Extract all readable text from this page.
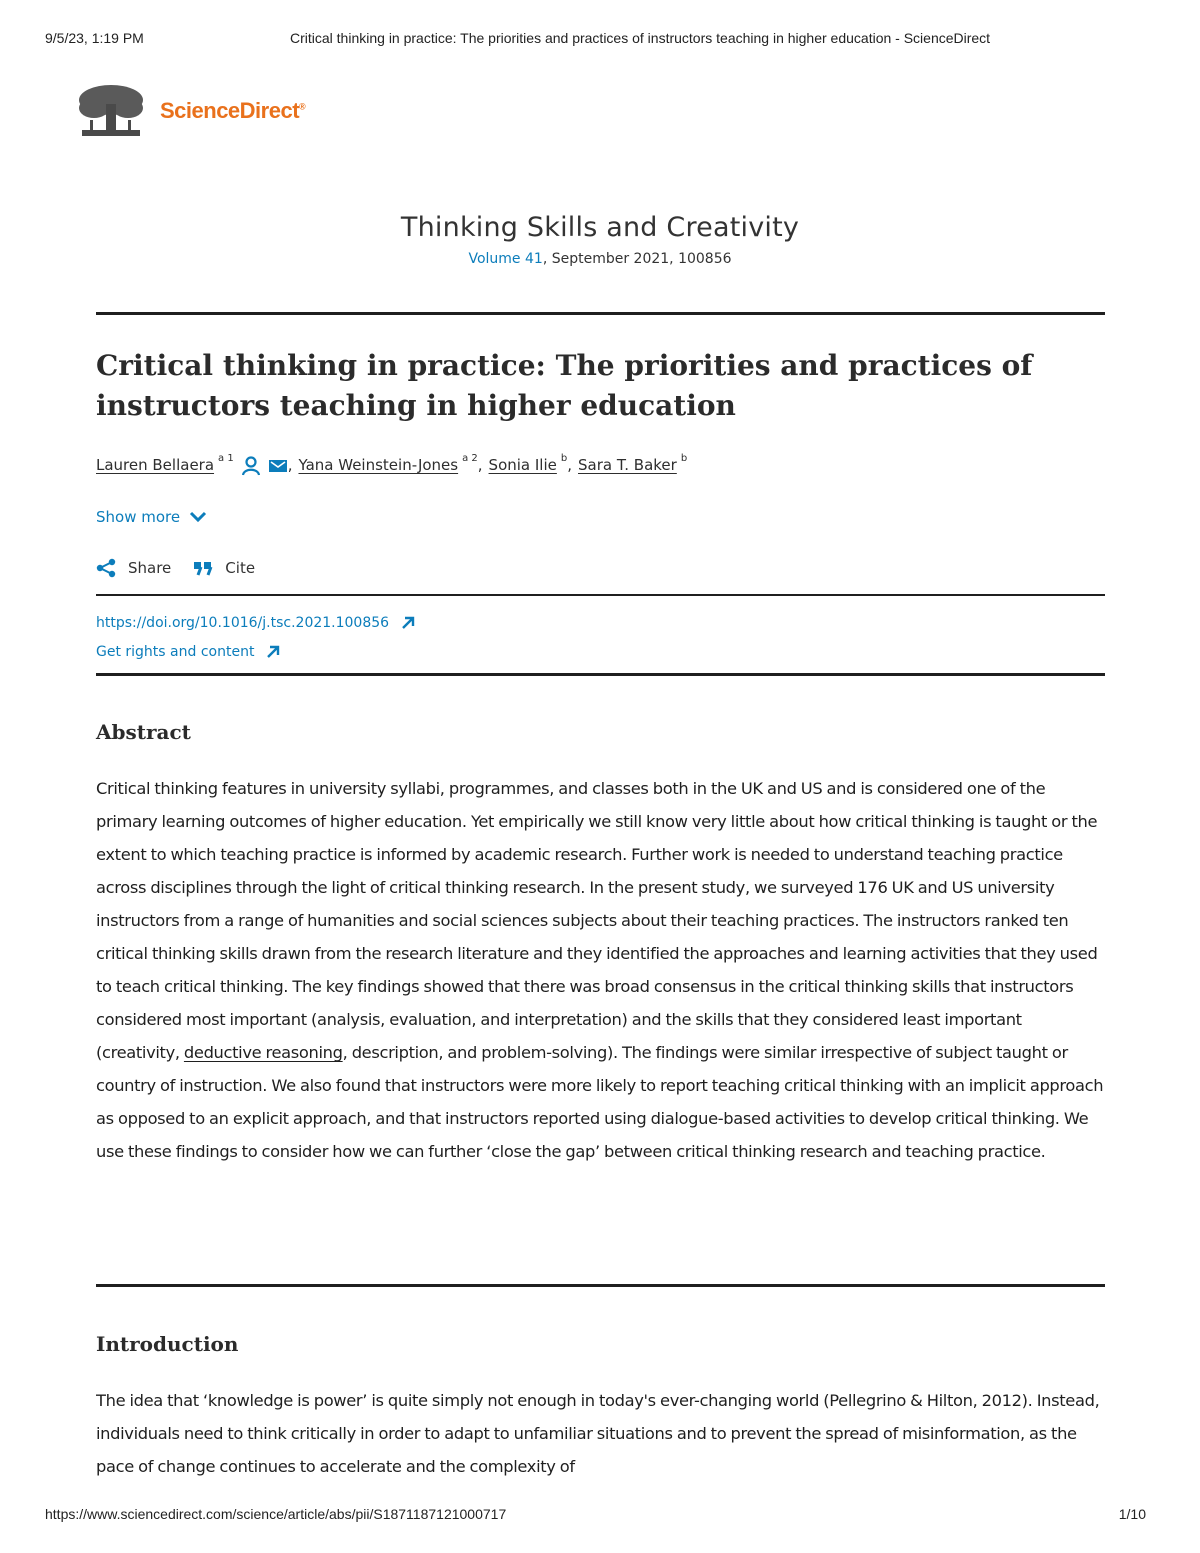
9/5/23, 1:19 PM	Critical thinking in practice: The priorities and practices of instructors teaching in higher education - ScienceDirect
ScienceDirect®
Thinking Skills and Creativity
Volume 41, September 2021, 100856
Critical thinking in practice: The priorities and practices of instructors teaching in higher education
Lauren Bellaera $^{a 1}$	, Yana Weinstein-Jones $^{a 2}$ , Sonia Ilie $^b$ , Sara T. Baker $^b$
Show more
Share	Cite
https://doi.org/10.1016/j.tsc.2021.100856
Get rights and content
Abstract
Critical thinking features in university syllabi, programmes, and classes both in the UK and US and is considered one of the primary learning outcomes of higher education. Yet empirically we still know very little about how critical thinking is taught or the extent to which teaching practice is informed by academic research. Further work is needed to understand teaching practice across disciplines through the light of critical thinking research. In the present study, we surveyed 176 UK and US university instructors from a range of humanities and social sciences subjects about their teaching practices. The instructors ranked ten critical thinking skills drawn from the research literature and they identified the approaches and learning activities that they used to teach critical thinking. The key findings showed that there was broad consensus in the critical thinking skills that instructors considered most important (analysis, evaluation, and interpretation) and the skills that they considered least important (creativity, deductive reasoning, description, and problem-solving). The findings were similar irrespective of subject taught or country of instruction. We also found that instructors were more likely to report teaching critical thinking with an implicit approach as opposed to an explicit approach, and that instructors reported using dialogue-based activities to develop critical thinking. We use these findings to consider how we can further ‘close the gap’ between critical thinking research and teaching practice.
Introduction
The idea that ‘knowledge is power’ is quite simply not enough in today's ever-changing world (Pellegrino & Hilton, 2012). Instead, individuals need to think critically in order to adapt to unfamiliar situations and to prevent the spread of misinformation, as the pace of change continues to accelerate and the complexity of
https://www.sciencedirect.com/science/article/abs/pii/S1871187121000717	1/10
